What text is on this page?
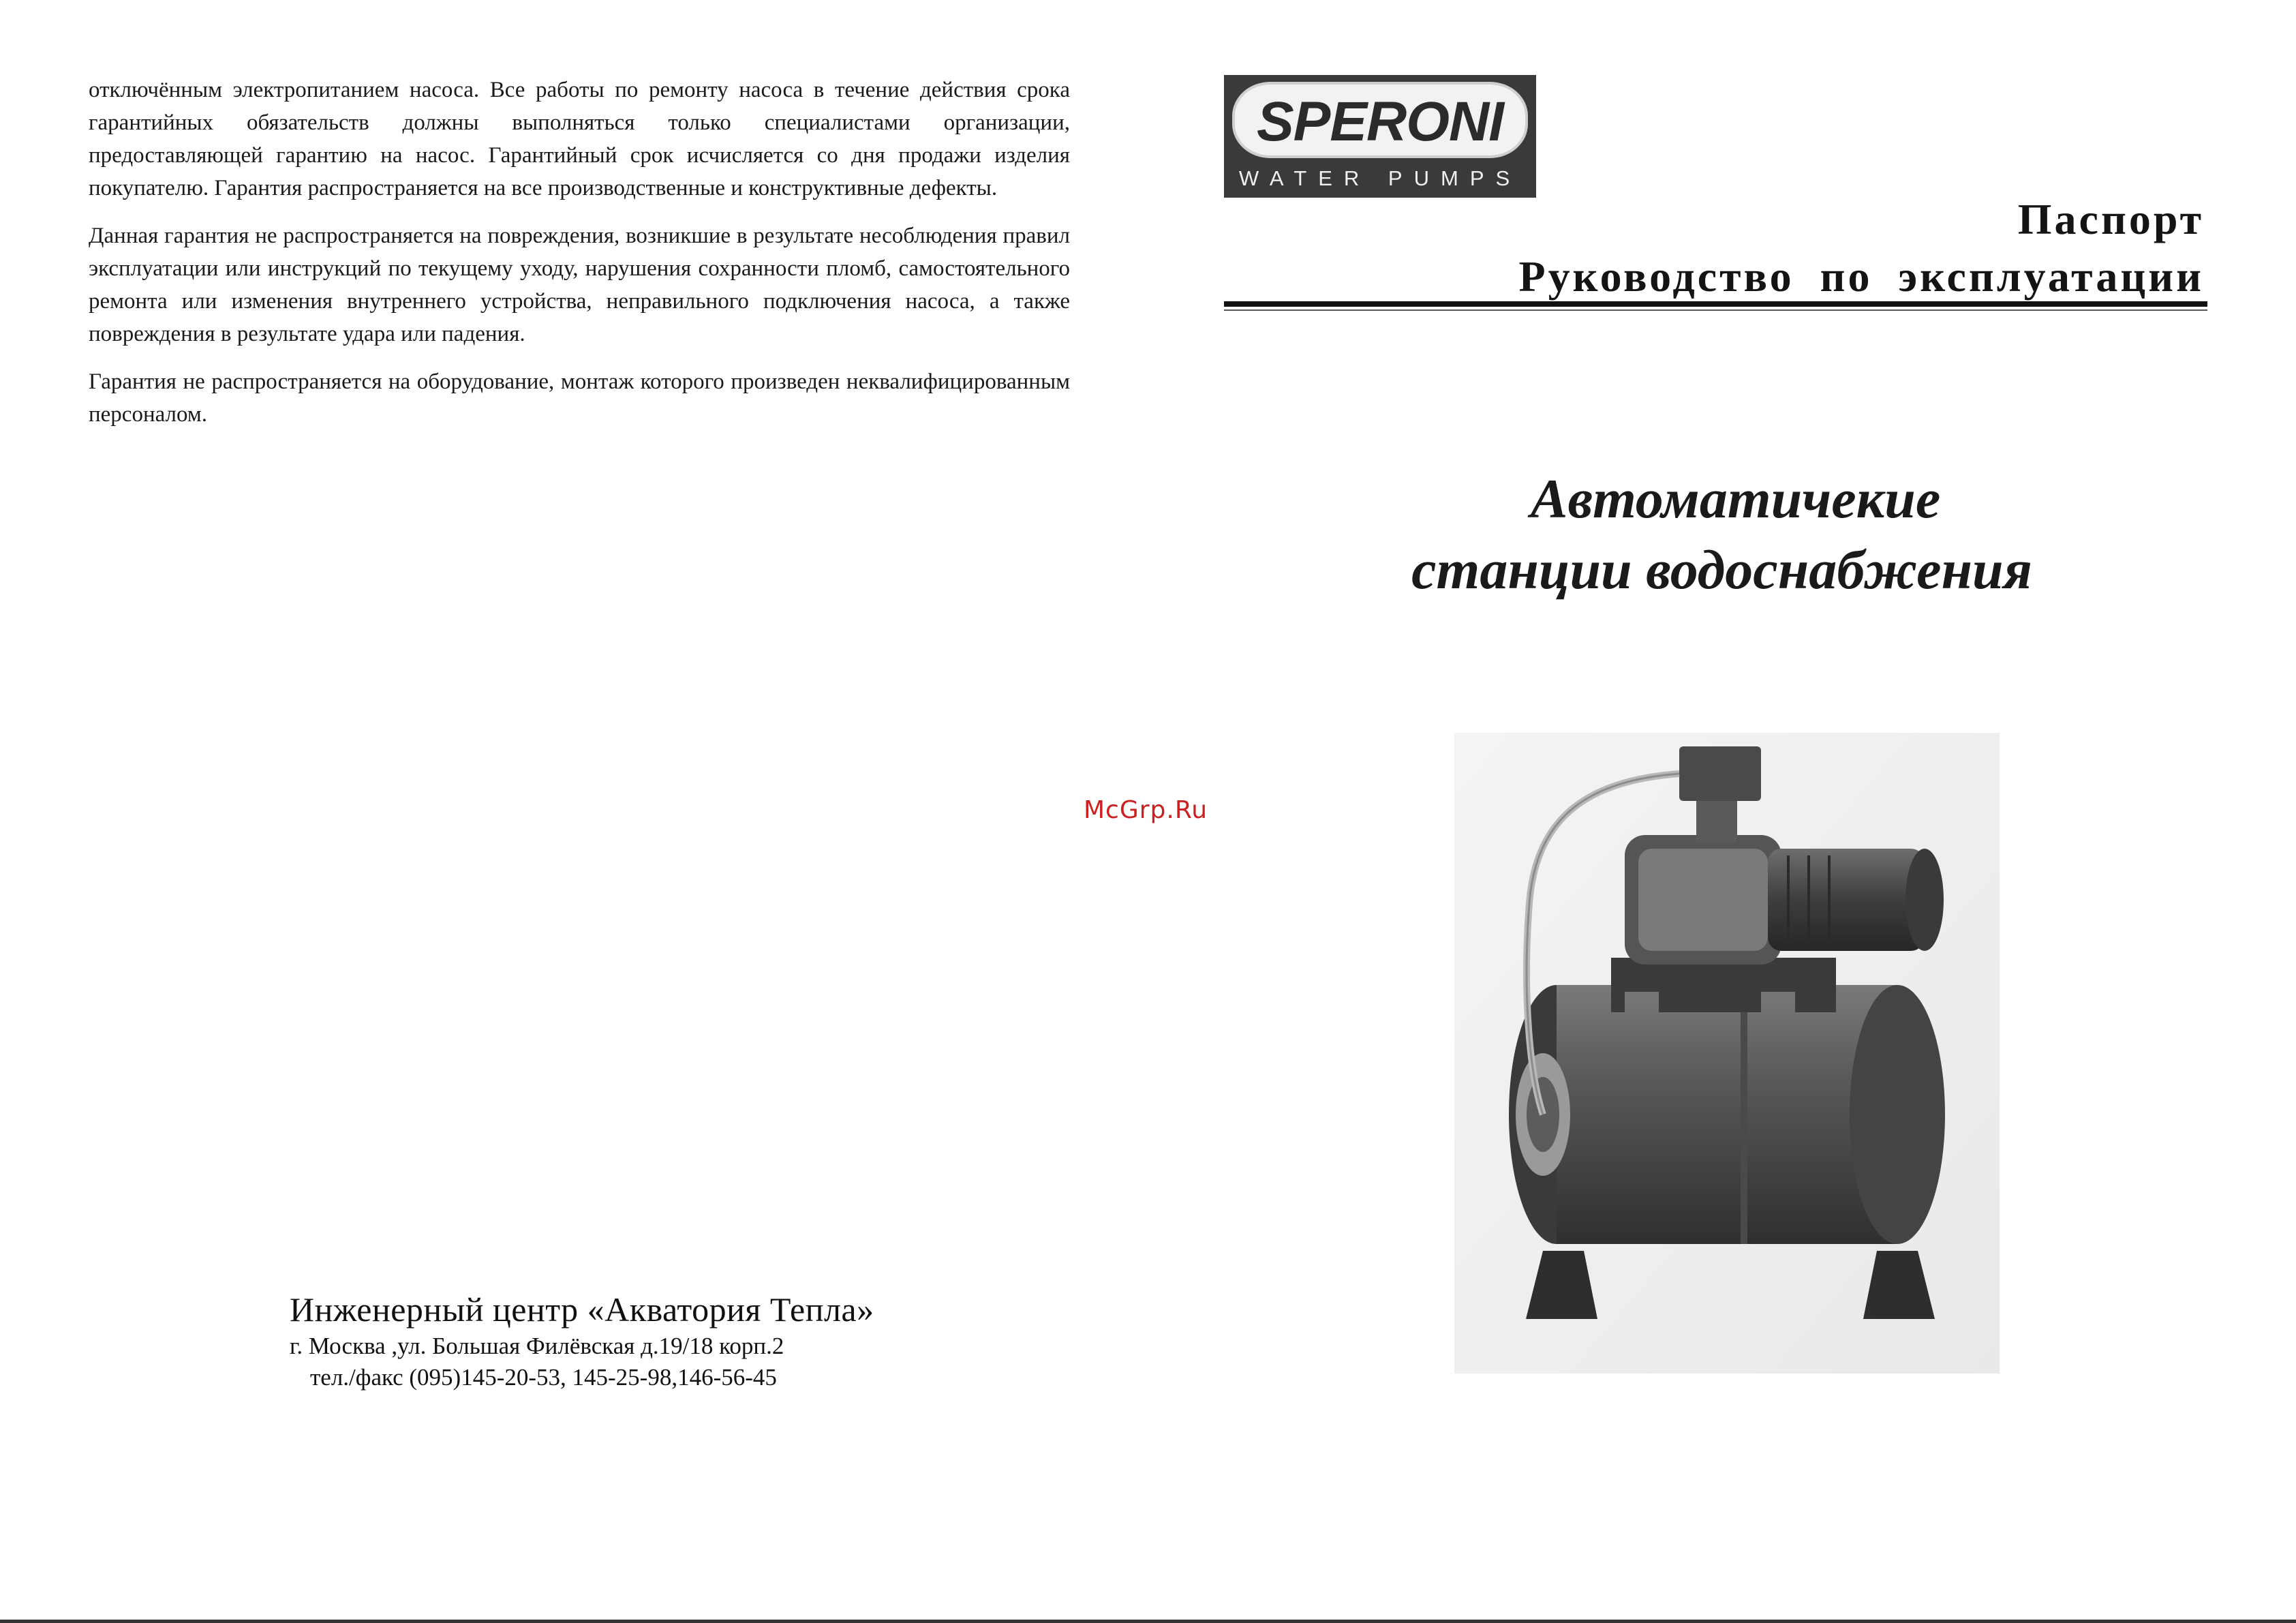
отключённым электропитанием насоса. Все работы по ремонту насоса в течение действия срока гарантийных обязательств должны выполняться только специалистами организации, предоставляющей гарантию на насос. Гарантийный срок исчисляется со дня продажи изделия покупателю. Гарантия распространяется на все производственные и конструктивные дефекты.

Данная гарантия не распространяется на повреждения, возникшие в результате несоблюдения правил эксплуатации или инструкций по текущему уходу, нарушения сохранности пломб, самостоятельного ремонта или изменения внутреннего устройства, неправильного подключения насоса, а также повреждения в результате удара или падения.

Гарантия не распространяется на оборудование, монтаж которого произведен неквалифицированным персоналом.

Инженерный центр «Акватория Тепла»
г. Москва ,ул. Большая Филёвская д.19/18 корп.2
тел./факс (095)145-20-53, 145-25-98,146-56-45
McGrp.Ru
SPERONI
WATER PUMPS
Паспорт
Руководство по эксплуатации
Автоматичекие
станции водоснабжения
